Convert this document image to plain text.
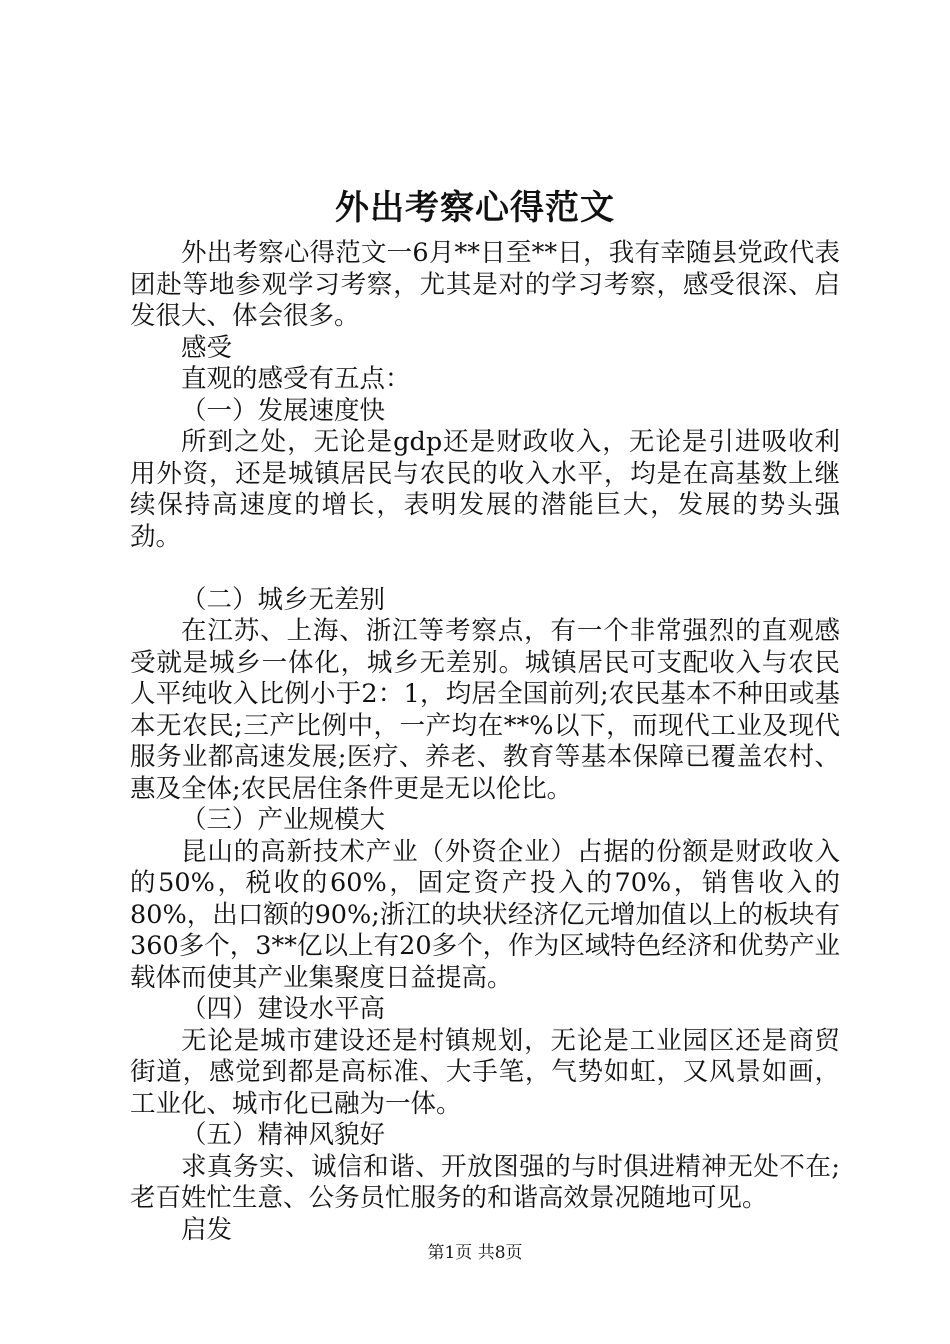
外出考察心得范文

外出考察心得范文一6月**日至**日，我有幸随县党政代表团赴等地参观学习考察，尤其是对的学习考察，感受很深、启发很大、体会很多。

感受

直观的感受有五点：

（一）发展速度快

所到之处，无论是gdp还是财政收入，无论是引进吸收利用外资，还是城镇居民与农民的收入水平，均是在高基数上继续保持高速度的增长，表明发展的潜能巨大，发展的势头强劲。

（二）城乡无差别

在江苏、上海、浙江等考察点，有一个非常强烈的直观感受就是城乡一体化，城乡无差别。城镇居民可支配收入与农民人平纯收入比例小于2：1，均居全国前列;农民基本不种田或基本无农民;三产比例中，一产均在**%以下，而现代工业及现代服务业都高速发展;医疗、养老、教育等基本保障已覆盖农村、惠及全体;农民居住条件更是无以伦比。

（三）产业规模大

昆山的高新技术产业（外资企业）占据的份额是财政收入的50%，税收的60%，固定资产投入的70%，销售收入的80%，出口额的90%;浙江的块状经济亿元增加值以上的板块有360多个，3**亿以上有20多个，作为区域特色经济和优势产业载体而使其产业集聚度日益提高。

（四）建设水平高

无论是城市建设还是村镇规划，无论是工业园区还是商贸街道，感觉到都是高标准、大手笔，气势如虹，又风景如画，工业化、城市化已融为一体。

（五）精神风貌好

求真务实、诚信和谐、开放图强的与时俱进精神无处不在;老百姓忙生意、公务员忙服务的和谐高效景况随地可见。

启发

第1页 共8页
